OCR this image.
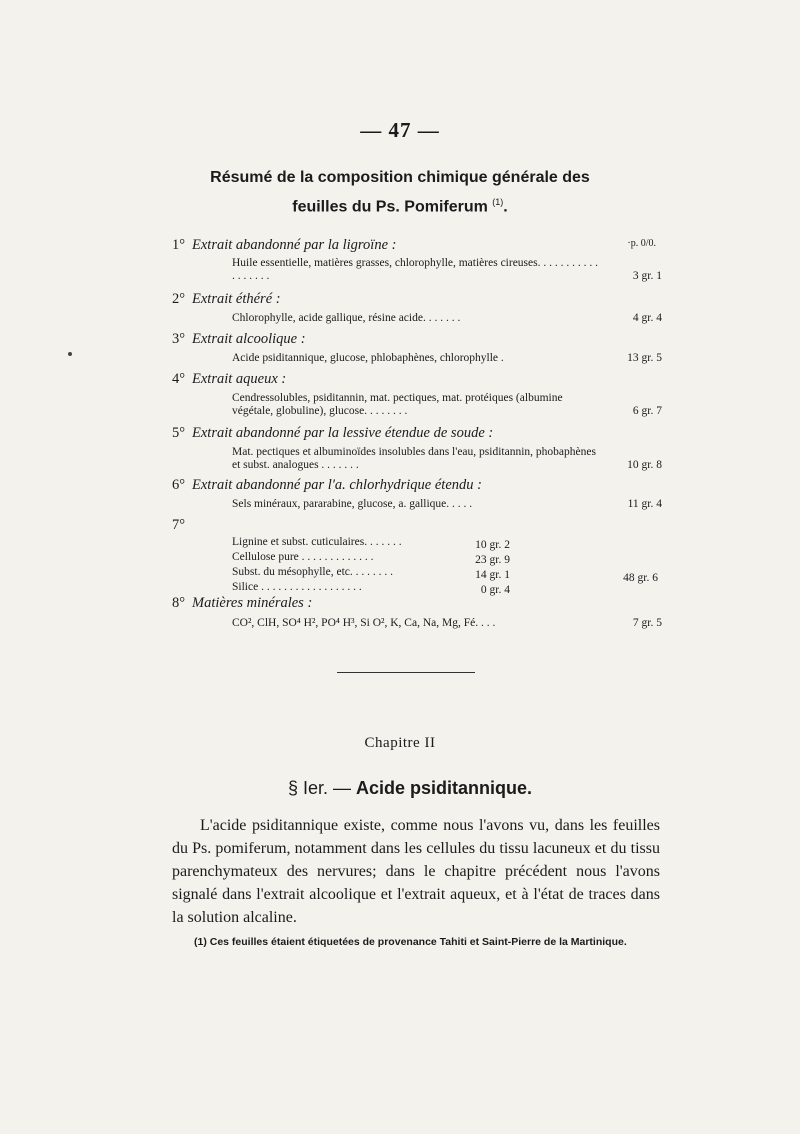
— 47 —
Résumé de la composition chimique générale des
feuilles du Ps. Pomiferum $^{(1)}$.
·p. 0/0.
1° Extrait abandonné par la ligroïne :
Huile essentielle, matières grasses, chlorophylle, matières cireuses. . . . . . . . . . . . . . . . . .	3 gr. 1
2° Extrait éthéré :
Chlorophylle, acide gallique, résine acide. . . . . . .	4 gr. 4
3° Extrait alcoolique :
Acide psiditannique, glucose, phlobaphènes, chlorophylle .	13 gr. 5
4° Extrait aqueux :
Cendressolubles, psiditannin, mat. pectiques, mat. protéiques (albumine végétale, globuline), glucose. . . . . . . .	6 gr. 7
5° Extrait abandonné par la lessive étendue de soude :
Mat. pectiques et albuminoïdes insolubles dans l'eau, psiditannin, phobaphènes et subst. analogues . . . . . . .	10 gr. 8
6° Extrait abandonné par l'a. chlorhydrique étendu :
Sels minéraux, pararabine, glucose, a. gallique. . . . .	11 gr. 4
7°
Lignine et subst. cuticulaires. . . . . . .	10 gr. 2
Cellulose pure . . . . . . . . . . . . .	23 gr. 9
Subst. du mésophylle, etc. . . . . . . .	14 gr. 1
Silice . . . . . . . . . . . . . . . . . .	0 gr. 4
48 gr. 6
8° Matières minérales :
CO², ClH, SO⁴ H², PO⁴ H³, Si O², K, Ca, Na, Mg, Fé. . . .	7 gr. 5
Chapitre II
§ Ier. — Acide psiditannique.
L'acide psiditannique existe, comme nous l'avons vu, dans les feuilles du Ps. pomiferum, notamment dans les cellules du tissu lacuneux et du tissu parenchymateux des nervures; dans le chapitre précédent nous l'avons signalé dans l'extrait alcoolique et l'extrait aqueux, et à l'état de traces dans la solution alcaline.
(1) Ces feuilles étaient étiquetées de provenance Tahiti et Saint-Pierre de la Martinique.
